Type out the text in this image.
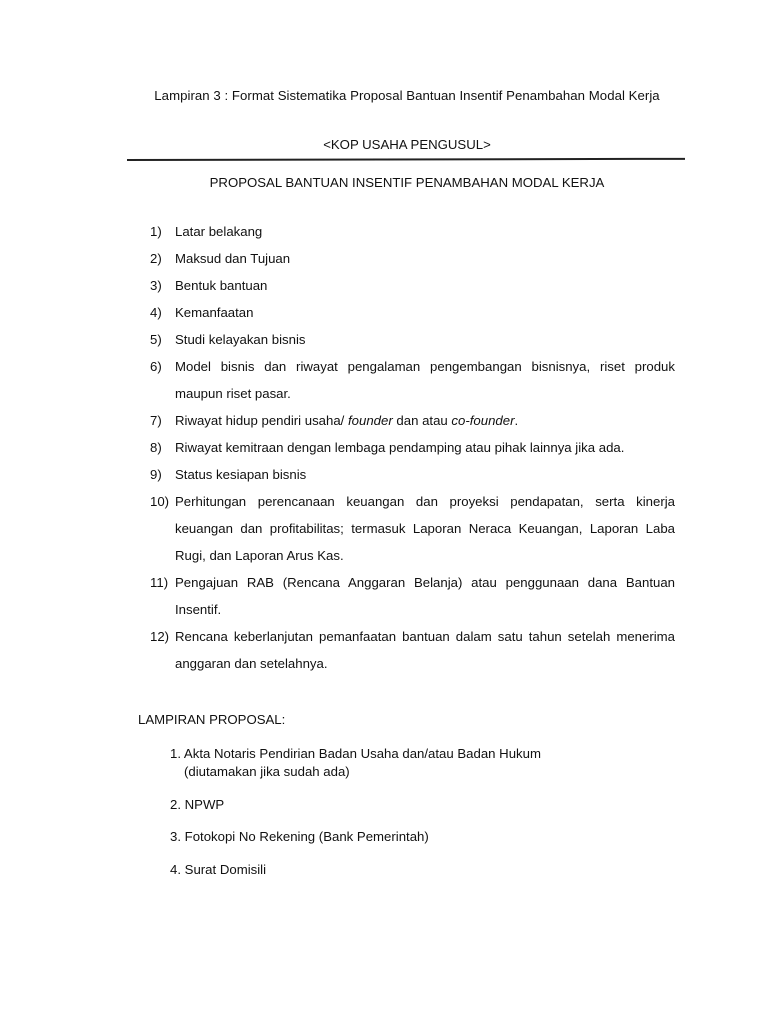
Lampiran 3 : Format Sistematika Proposal Bantuan Insentif Penambahan Modal Kerja
<KOP USAHA PENGUSUL>
PROPOSAL BANTUAN INSENTIF PENAMBAHAN MODAL KERJA
1) Latar belakang
2) Maksud dan Tujuan
3) Bentuk bantuan
4) Kemanfaatan
5) Studi kelayakan bisnis
6) Model bisnis dan riwayat pengalaman pengembangan bisnisnya, riset produk maupun riset pasar.
7) Riwayat hidup pendiri usaha/ founder dan atau co-founder.
8) Riwayat kemitraan dengan lembaga pendamping atau pihak lainnya jika ada.
9) Status kesiapan bisnis
10) Perhitungan perencanaan keuangan dan proyeksi pendapatan, serta kinerja keuangan dan profitabilitas; termasuk Laporan Neraca Keuangan, Laporan Laba Rugi, dan Laporan Arus Kas.
11) Pengajuan RAB (Rencana Anggaran Belanja) atau penggunaan dana Bantuan Insentif.
12) Rencana keberlanjutan pemanfaatan bantuan dalam satu tahun setelah menerima anggaran dan setelahnya.
LAMPIRAN PROPOSAL:
1. Akta Notaris Pendirian Badan Usaha dan/atau Badan Hukum
(diutamakan jika sudah ada)
2. NPWP
3. Fotokopi No Rekening (Bank Pemerintah)
4. Surat Domisili
